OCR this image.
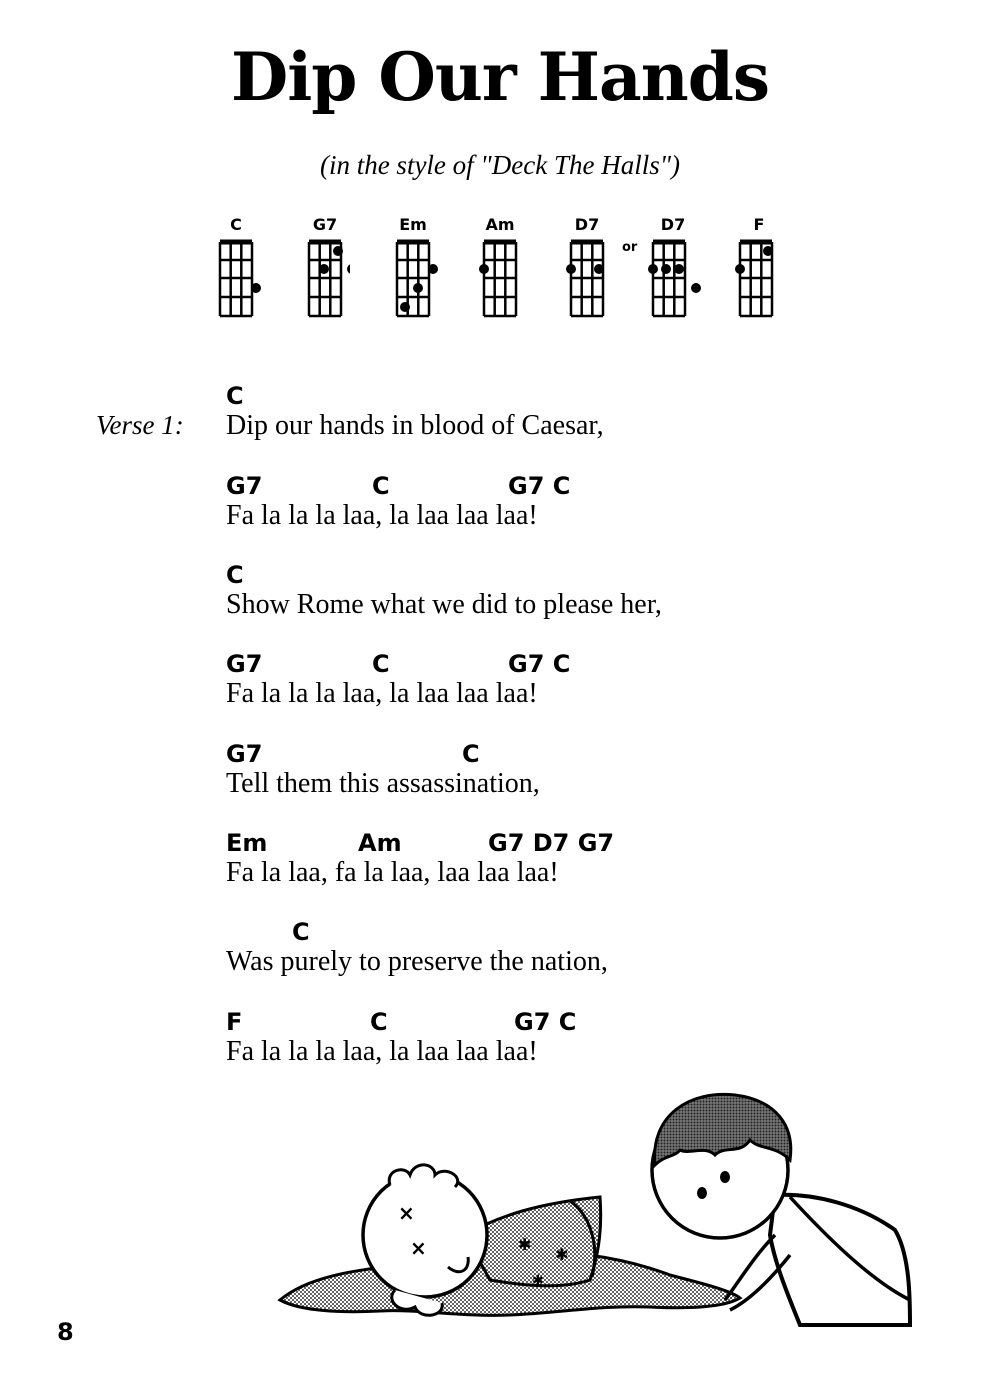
Dip Our Hands
(in the style of "Deck The Halls")
C	G7	Em	Am	D7
or
D7	F
Verse 1:

C

Dip our hands in blood of Caesar,

G7

	C

	G7 C

Fa la la la laa, la laa laa laa!

C

Show Rome what we did to please her,

G7

	C

	G7 C

Fa la la la laa, la laa laa laa!

G7

	C

Tell them this assassination,

Em

	Am

	G7 D7 G7

Fa la laa, fa la laa, laa laa laa!

C

Was purely to preserve the nation,

F

	C

	G7 C

Fa la la la laa, la laa laa laa!
✱
✱
✱
×
×
8
